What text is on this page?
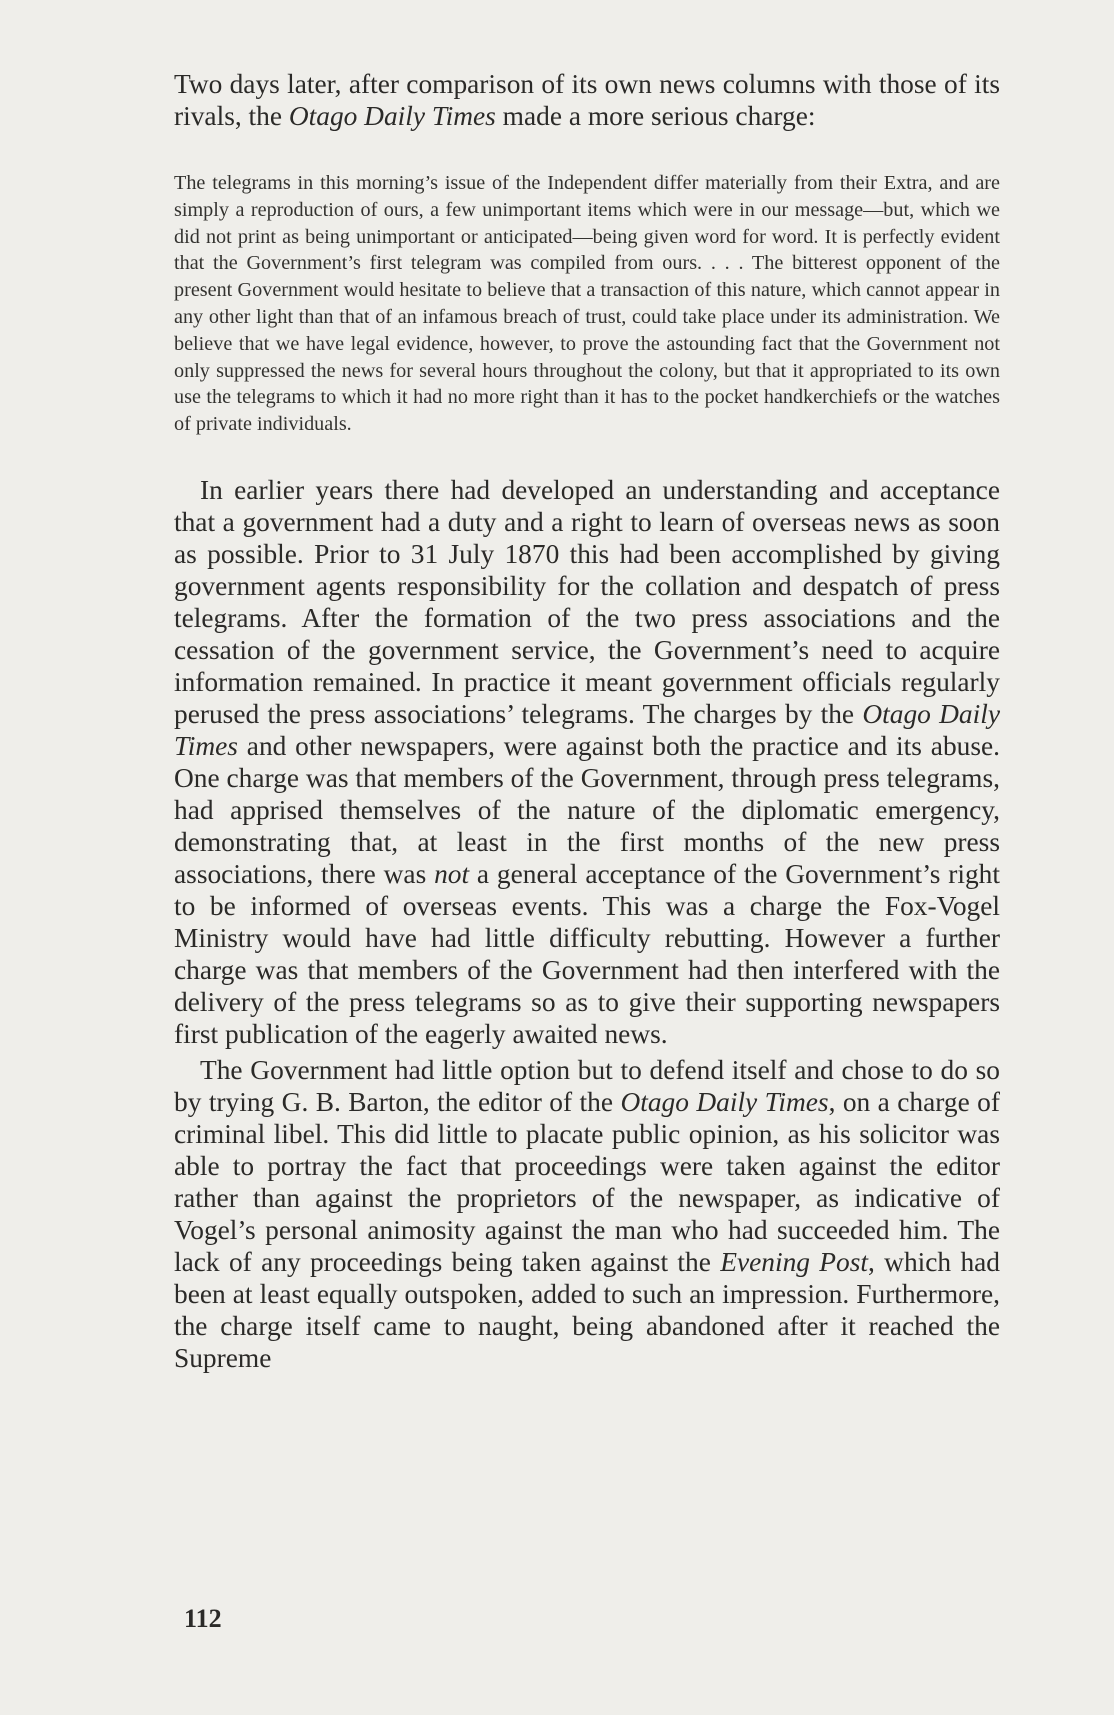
Two days later, after comparison of its own news columns with those of its rivals, the Otago Daily Times made a more serious charge:

The telegrams in this morning’s issue of the Independent differ materially from their Extra, and are simply a reproduction of ours, a few unimportant items which were in our message—but, which we did not print as being unimportant or anticipated—being given word for word. It is perfectly evident that the Government’s first telegram was compiled from ours. . . . The bitterest opponent of the present Government would hesitate to believe that a transaction of this nature, which cannot appear in any other light than that of an infamous breach of trust, could take place under its administration. We believe that we have legal evidence, however, to prove the astounding fact that the Government not only suppressed the news for several hours throughout the colony, but that it appropriated to its own use the telegrams to which it had no more right than it has to the pocket handkerchiefs or the watches of private individuals.

In earlier years there had developed an understanding and acceptance that a government had a duty and a right to learn of overseas news as soon as possible. Prior to 31 July 1870 this had been accomplished by giving government agents responsibility for the collation and despatch of press telegrams. After the formation of the two press associations and the cessation of the government service, the Government’s need to acquire information remained. In practice it meant government officials regularly perused the press associations’ telegrams. The charges by the Otago Daily Times and other newspapers, were against both the practice and its abuse. One charge was that members of the Government, through press telegrams, had apprised themselves of the nature of the diplomatic emergency, demonstrating that, at least in the first months of the new press associations, there was not a general acceptance of the Government’s right to be informed of overseas events. This was a charge the Fox-Vogel Ministry would have had little difficulty rebutting. However a further charge was that members of the Government had then interfered with the delivery of the press telegrams so as to give their supporting newspapers first publication of the eagerly awaited news.

The Government had little option but to defend itself and chose to do so by trying G. B. Barton, the editor of the Otago Daily Times, on a charge of criminal libel. This did little to placate public opinion, as his solicitor was able to portray the fact that proceedings were taken against the editor rather than against the proprietors of the newspaper, as indicative of Vogel’s personal animosity against the man who had succeeded him. The lack of any proceedings being taken against the Evening Post, which had been at least equally outspoken, added to such an impression. Furthermore, the charge itself came to naught, being abandoned after it reached the Supreme

112
